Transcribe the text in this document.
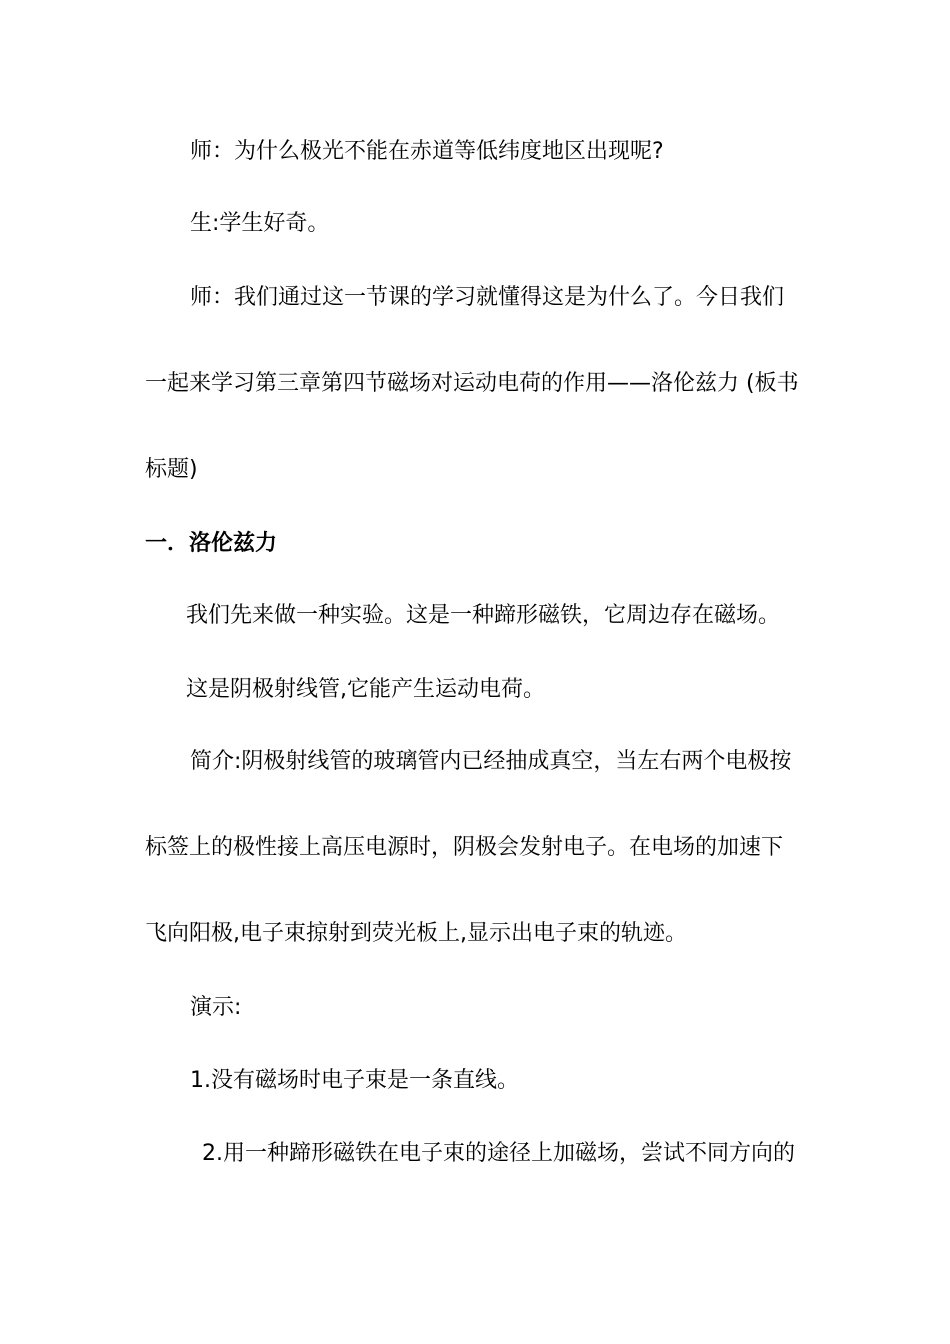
师：为什么极光不能在赤道等低纬度地区出现呢?
生:学生好奇。
师：我们通过这一节课的学习就懂得这是为什么了。今日我们
一起来学习第三章第四节磁场对运动电荷的作用——洛伦兹力 (板书
标题)
一．洛伦兹力
我们先来做一种实验。这是一种蹄形磁铁，它周边存在磁场。
这是阴极射线管,它能产生运动电荷。
简介:阴极射线管的玻璃管内已经抽成真空，当左右两个电极按
标签上的极性接上高压电源时，阴极会发射电子。在电场的加速下
飞向阳极,电子束掠射到荧光板上,显示出电子束的轨迹。
演示:
1.没有磁场时电子束是一条直线。
2.用一种蹄形磁铁在电子束的途径上加磁场，尝试不同方向的
